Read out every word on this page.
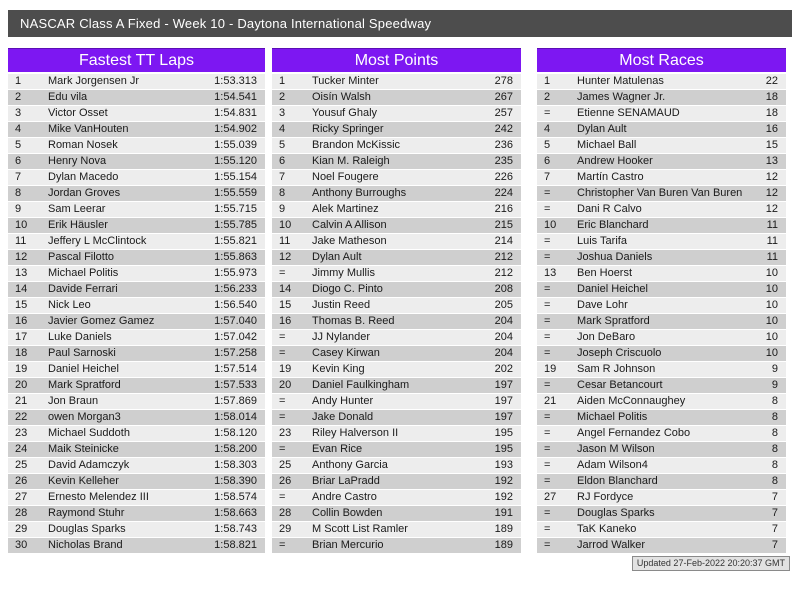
NASCAR Class A Fixed - Week 10 - Daytona International Speedway
Fastest TT Laps
1	Mark Jorgensen Jr	1:53.313
2	Edu vila	1:54.541
3	Victor Osset	1:54.831
4	Mike VanHouten	1:54.902
5	Roman Nosek	1:55.039
6	Henry Nova	1:55.120
7	Dylan Macedo	1:55.154
8	Jordan Groves	1:55.559
9	Sam Leerar	1:55.715
10	Erik Häusler	1:55.785
11	Jeffery L McClintock	1:55.821
12	Pascal Filotto	1:55.863
13	Michael Politis	1:55.973
14	Davide Ferrari	1:56.233
15	Nick Leo	1:56.540
16	Javier Gomez Gamez	1:57.040
17	Luke Daniels	1:57.042
18	Paul Sarnoski	1:57.258
19	Daniel Heichel	1:57.514
20	Mark Spratford	1:57.533
21	Jon Braun	1:57.869
22	owen Morgan3	1:58.014
23	Michael Suddoth	1:58.120
24	Maik Steinicke	1:58.200
25	David Adamczyk	1:58.303
26	Kevin Kelleher	1:58.390
27	Ernesto Melendez III	1:58.574
28	Raymond Stuhr	1:58.663
29	Douglas Sparks	1:58.743
30	Nicholas Brand	1:58.821
Most Points
1	Tucker Minter	278
2	Oisín Walsh	267
3	Yousuf Ghaly	257
4	Ricky Springer	242
5	Brandon McKissic	236
6	Kian M. Raleigh	235
7	Noel Fougere	226
8	Anthony Burroughs	224
9	Alek Martinez	216
10	Calvin A Allison	215
11	Jake Matheson	214
12	Dylan Ault	212
=	Jimmy Mullis	212
14	Diogo C. Pinto	208
15	Justin Reed	205
16	Thomas B. Reed	204
=	JJ Nylander	204
=	Casey Kirwan	204
19	Kevin King	202
20	Daniel Faulkingham	197
=	Andy Hunter	197
=	Jake Donald	197
23	Riley Halverson II	195
=	Evan Rice	195
25	Anthony Garcia	193
26	Briar LaPradd	192
=	Andre Castro	192
28	Collin Bowden	191
29	M Scott List Ramler	189
=	Brian Mercurio	189
Most Races
1	Hunter Matulenas	22
2	James Wagner Jr.	18
=	Etienne SENAMAUD	18
4	Dylan Ault	16
5	Michael Ball	15
6	Andrew Hooker	13
7	Martín Castro	12
=	Christopher Van Buren Van Buren	12
=	Dani R Calvo	12
10	Eric Blanchard	11
=	Luis Tarifa	11
=	Joshua Daniels	11
13	Ben Hoerst	10
=	Daniel Heichel	10
=	Dave Lohr	10
=	Mark Spratford	10
=	Jon DeBaro	10
=	Joseph Criscuolo	10
19	Sam R Johnson	9
=	Cesar Betancourt	9
21	Aiden McConnaughey	8
=	Michael Politis	8
=	Angel Fernandez Cobo	8
=	Jason M Wilson	8
=	Adam Wilson4	8
=	Eldon Blanchard	8
27	RJ Fordyce	7
=	Douglas Sparks	7
=	TaK Kaneko	7
=	Jarrod Walker	7
Updated 27-Feb-2022 20:20:37 GMT
